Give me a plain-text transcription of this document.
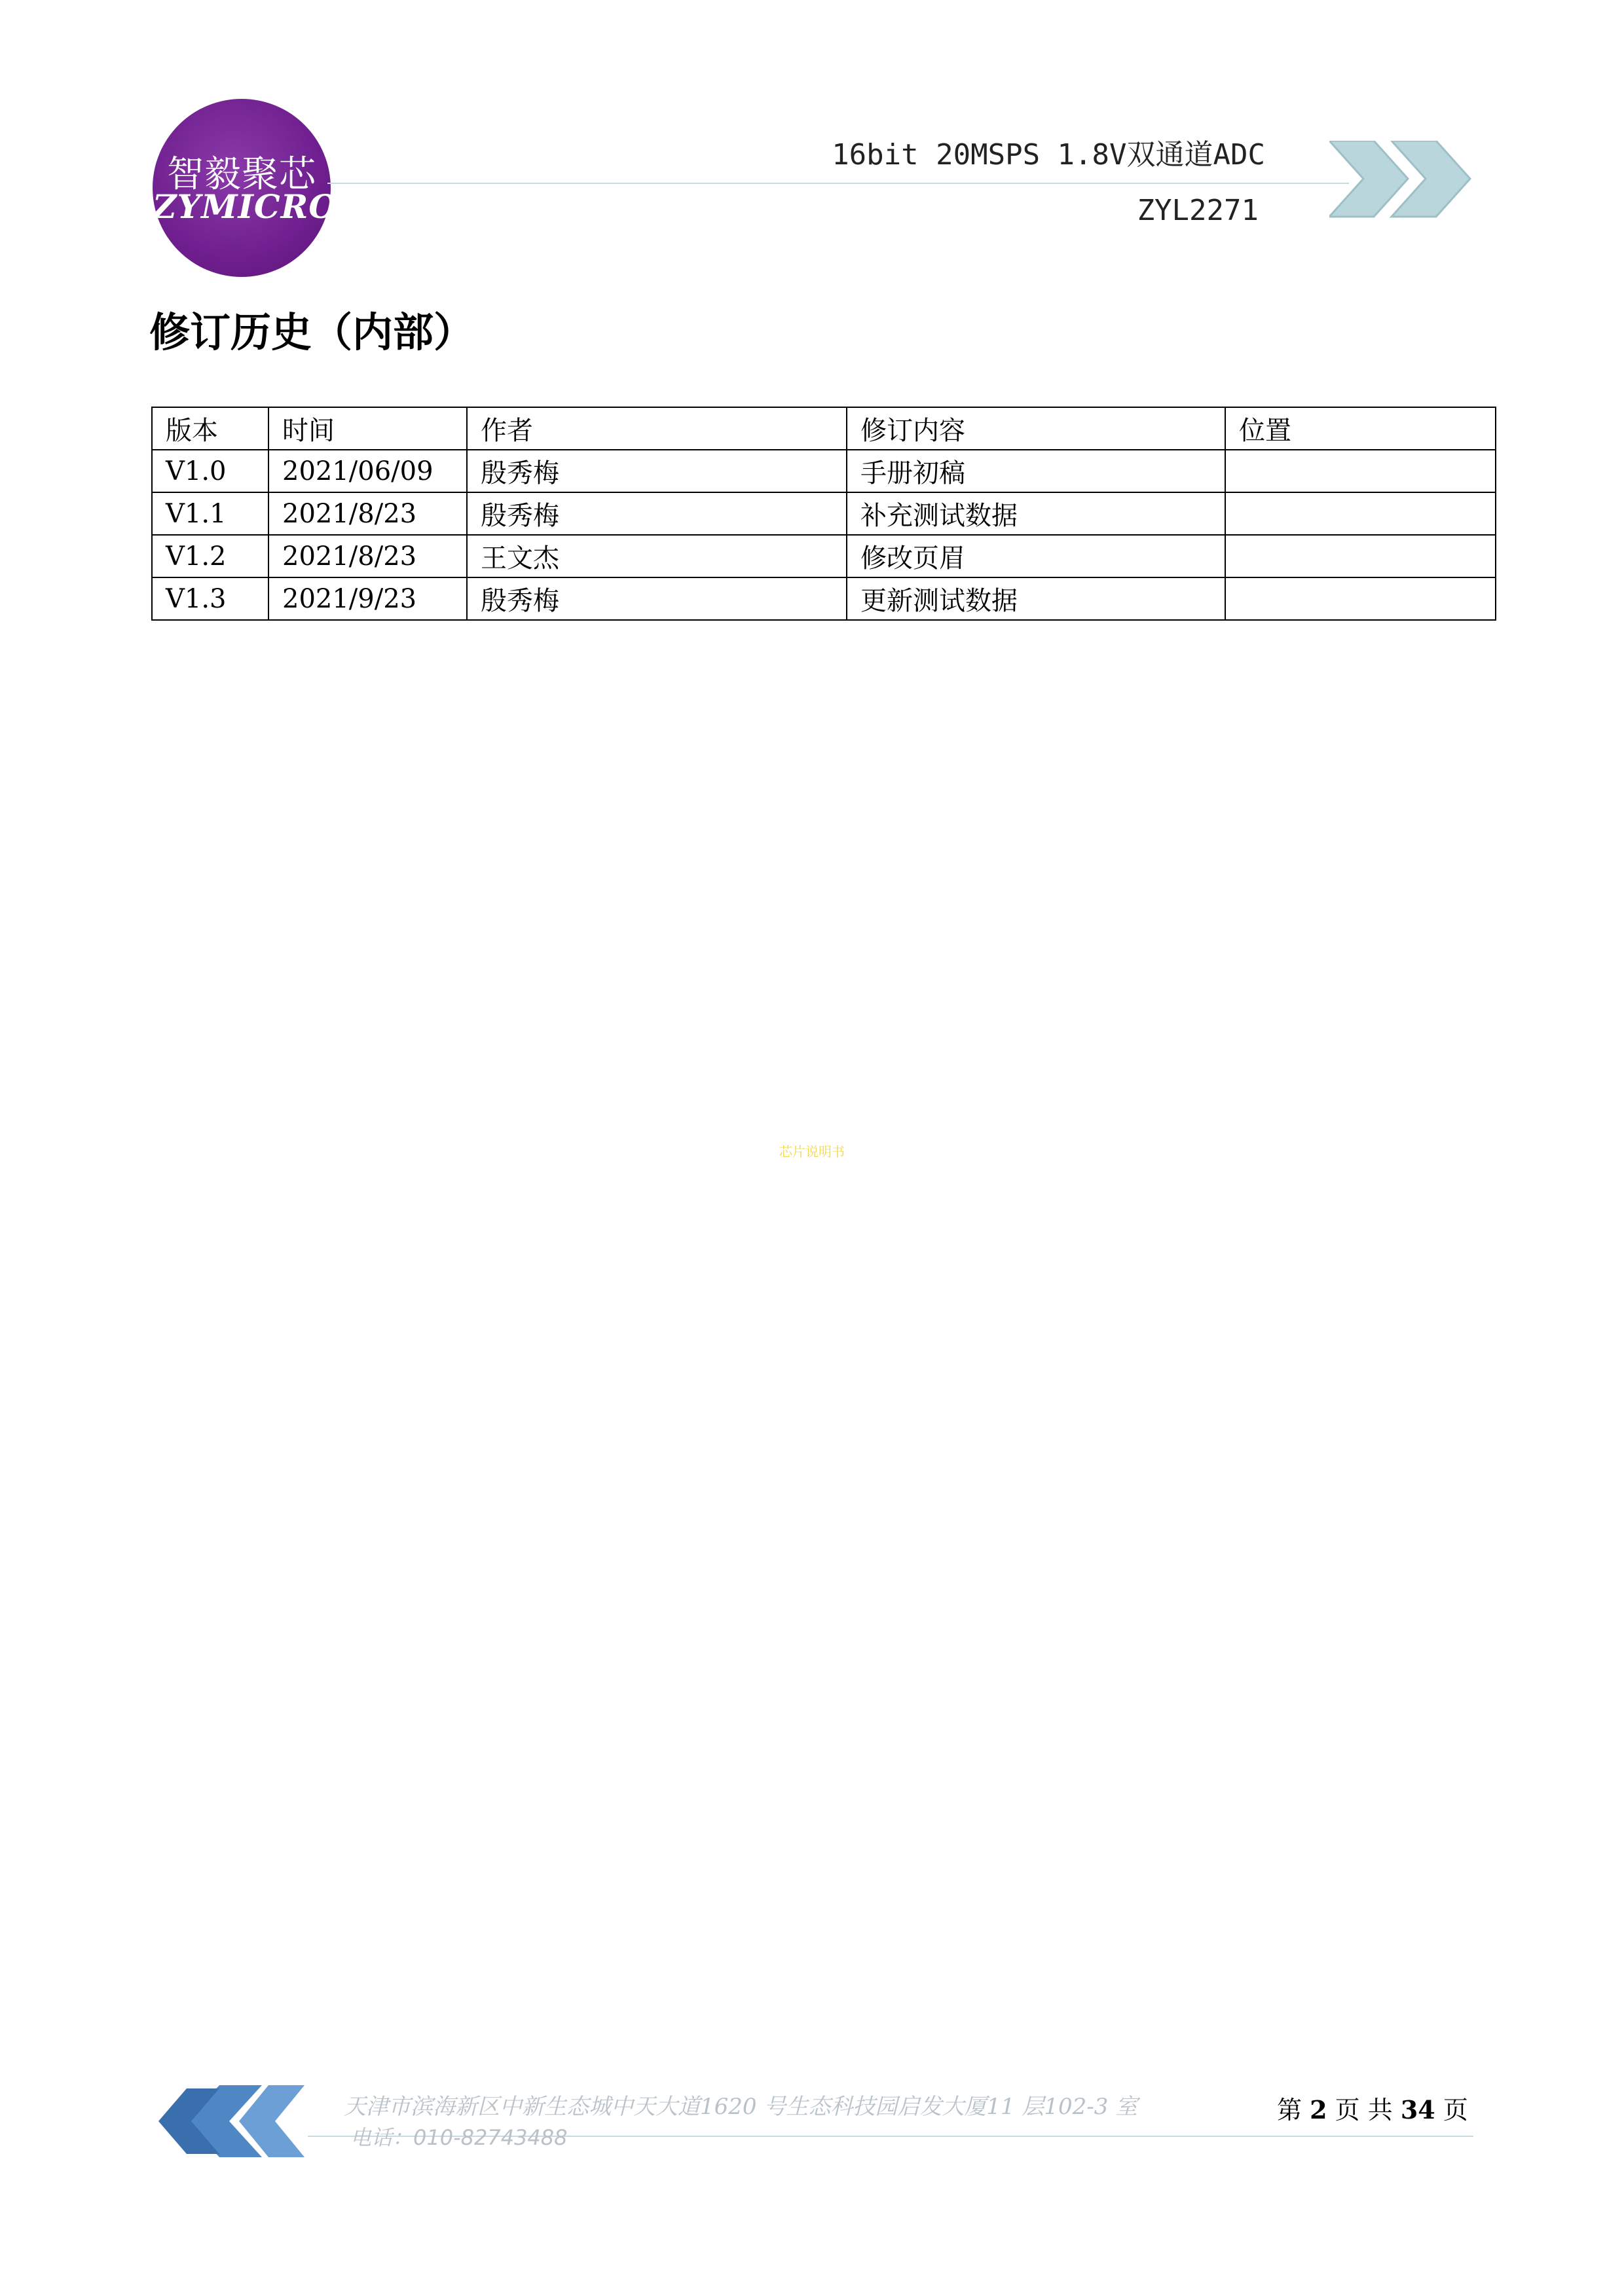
智毅聚芯
ZYMICRO
16bit 20MSPS 1.8V双通道ADC
ZYL2271
修订历史（内部）
版本	时间	作者	修订内容	位置
V1.0	2021/06/09	殷秀梅	手册初稿	
V1.1	2021/8/23	殷秀梅	补充测试数据	
V1.2	2021/8/23	王文杰	修改页眉	
V1.3	2021/9/23	殷秀梅	更新测试数据	
芯片说明书
天津市滨海新区中新生态城中天大道1620 号生态科技园启发大厦11 层102-3 室
电话：010-82743488
第 2 页 共 34 页
